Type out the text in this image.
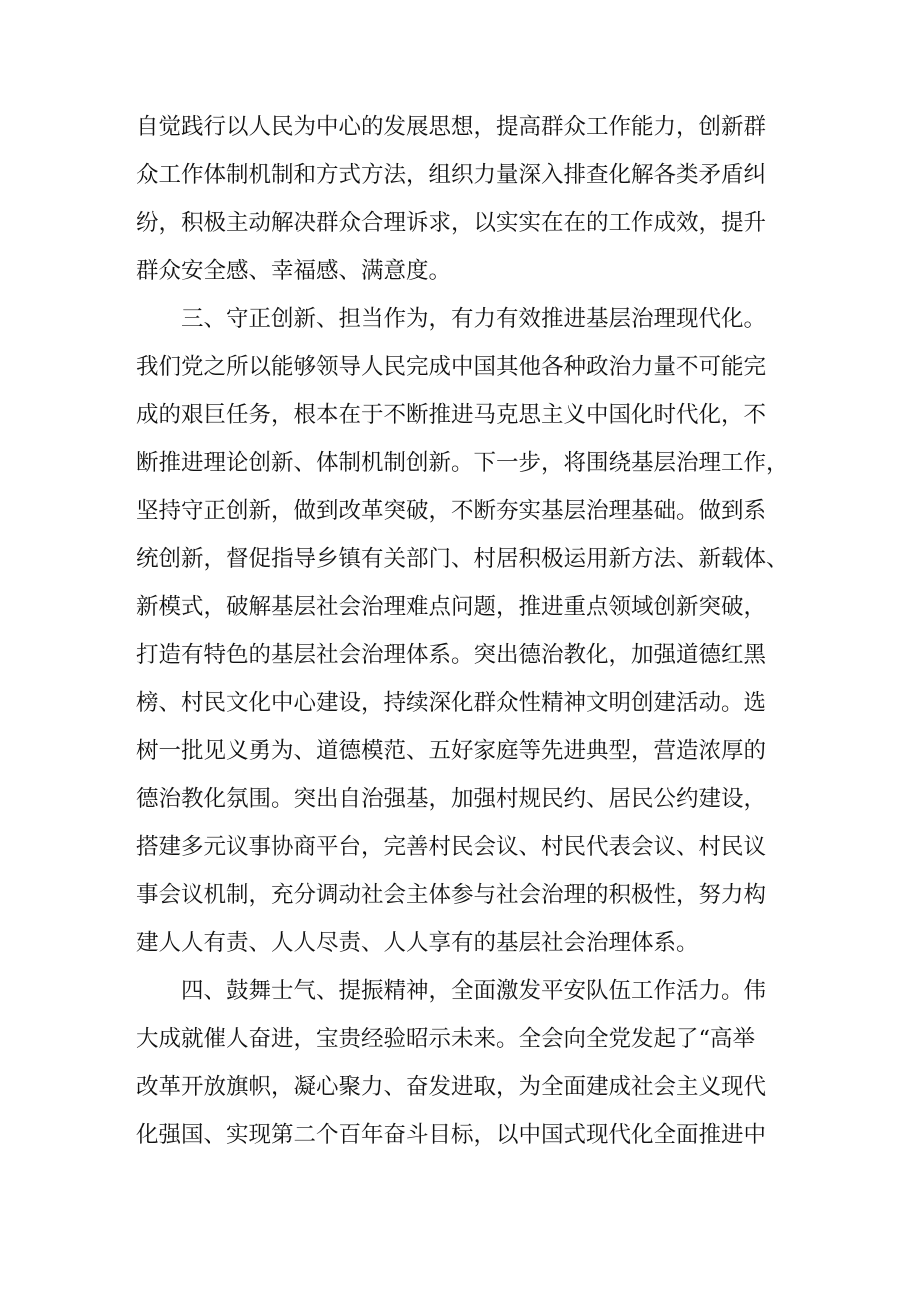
自觉践行以人民为中心的发展思想，提高群众工作能力，创新群
众工作体制机制和方式方法，组织力量深入排查化解各类矛盾纠
纷，积极主动解决群众合理诉求，以实实在在的工作成效，提升
群众安全感、幸福感、满意度。
三、守正创新、担当作为，有力有效推进基层治理现代化。
我们党之所以能够领导人民完成中国其他各种政治力量不可能完
成的艰巨任务，根本在于不断推进马克思主义中国化时代化，不
断推进理论创新、体制机制创新。下一步，将围绕基层治理工作，
坚持守正创新，做到改革突破，不断夯实基层治理基础。做到系
统创新，督促指导乡镇有关部门、村居积极运用新方法、新载体、
新模式，破解基层社会治理难点问题，推进重点领域创新突破，
打造有特色的基层社会治理体系。突出德治教化，加强道德红黑
榜、村民文化中心建设，持续深化群众性精神文明创建活动。选
树一批见义勇为、道德模范、五好家庭等先进典型，营造浓厚的
德治教化氛围。突出自治强基，加强村规民约、居民公约建设，
搭建多元议事协商平台，完善村民会议、村民代表会议、村民议
事会议机制，充分调动社会主体参与社会治理的积极性，努力构
建人人有责、人人尽责、人人享有的基层社会治理体系。
四、鼓舞士气、提振精神，全面激发平安队伍工作活力。伟
大成就催人奋进，宝贵经验昭示未来。全会向全党发起了“高举
改革开放旗帜，凝心聚力、奋发进取，为全面建成社会主义现代
化强国、实现第二个百年奋斗目标，以中国式现代化全面推进中
